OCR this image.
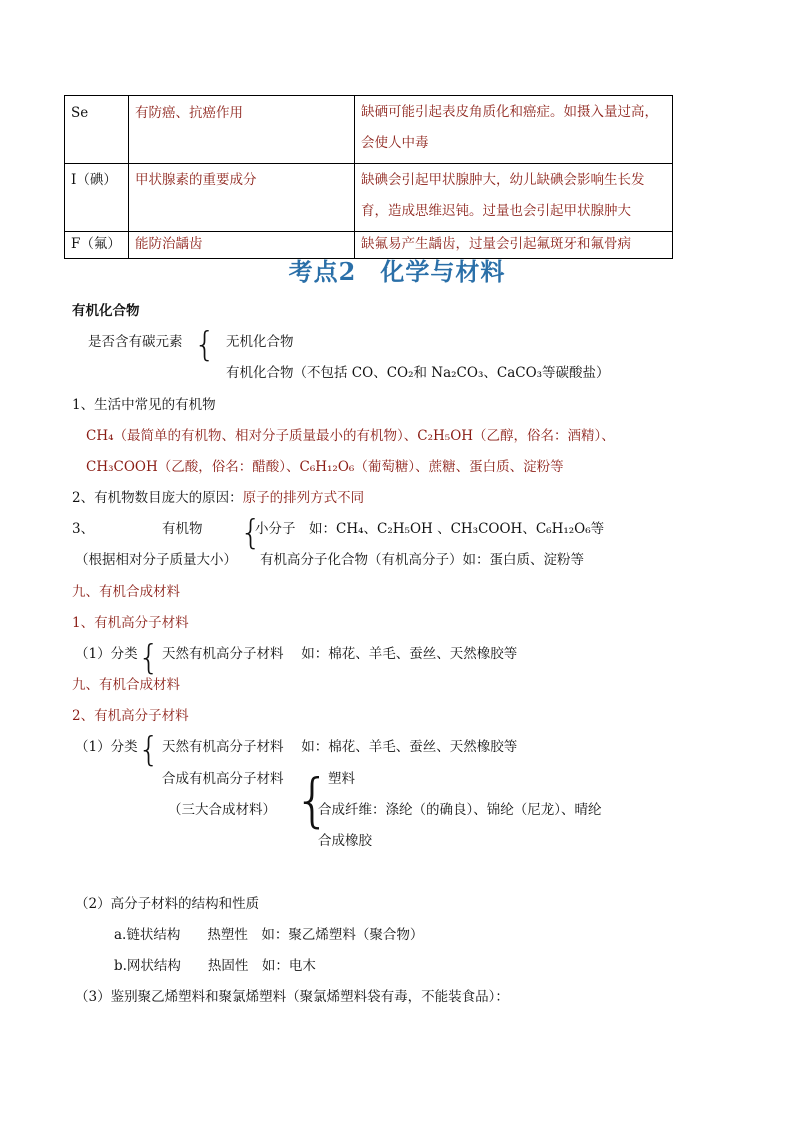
Se	有防癌、抗癌作用	缺硒可能引起表皮角质化和癌症。如摄入量过高，会使人中毒
I（碘）	甲状腺素的重要成分	缺碘会引起甲状腺肿大，幼儿缺碘会影响生长发育，造成思维迟钝。过量也会引起甲状腺肿大
F（氟）	能防治龋齿	缺氟易产生龋齿，过量会引起氟斑牙和氟骨病
考点2 化学与材料
有机化合物
是否含有碳元素 { 无机化合物
有机化合物（不包括 CO、CO₂和 Na₂CO₃、CaCO₃等碳酸盐）
1、生活中常见的有机物
CH₄（最简单的有机物、相对分子质量最小的有机物）、C₂H₅OH（乙醇，俗名：酒精）、
CH₃COOH（乙酸，俗名：醋酸）、C₆H₁₂O₆（葡萄糖）、蔗糖、蛋白质、淀粉等
2、有机物数目庞大的原因：原子的排列方式不同
3、	有机物 {
小分子　如：CH₄、C₂H₅OH 、CH₃COOH、C₆H₁₂O₆等
（根据相对分子质量大小） 有机高分子化合物（有机高分子）如：蛋白质、淀粉等
九、有机合成材料
1、有机高分子材料
（1）分类 { 天然有机高分子材料　 如：棉花、羊毛、蚕丝、天然橡胶等
九、有机合成材料
2、有机高分子材料
（1）分类 { 天然有机高分子材料　 如：棉花、羊毛、蚕丝、天然橡胶等
合成有机高分子材料
（三大合成材料） {
塑料
合成纤维：涤纶（的确良）、锦纶（尼龙）、晴纶
合成橡胶
（2）高分子材料的结构和性质
a.链状结构　　热塑性　如：聚乙烯塑料（聚合物）
b.网状结构　　热固性　如：电木
（3）鉴别聚乙烯塑料和聚氯烯塑料（聚氯烯塑料袋有毒，不能装食品）：
